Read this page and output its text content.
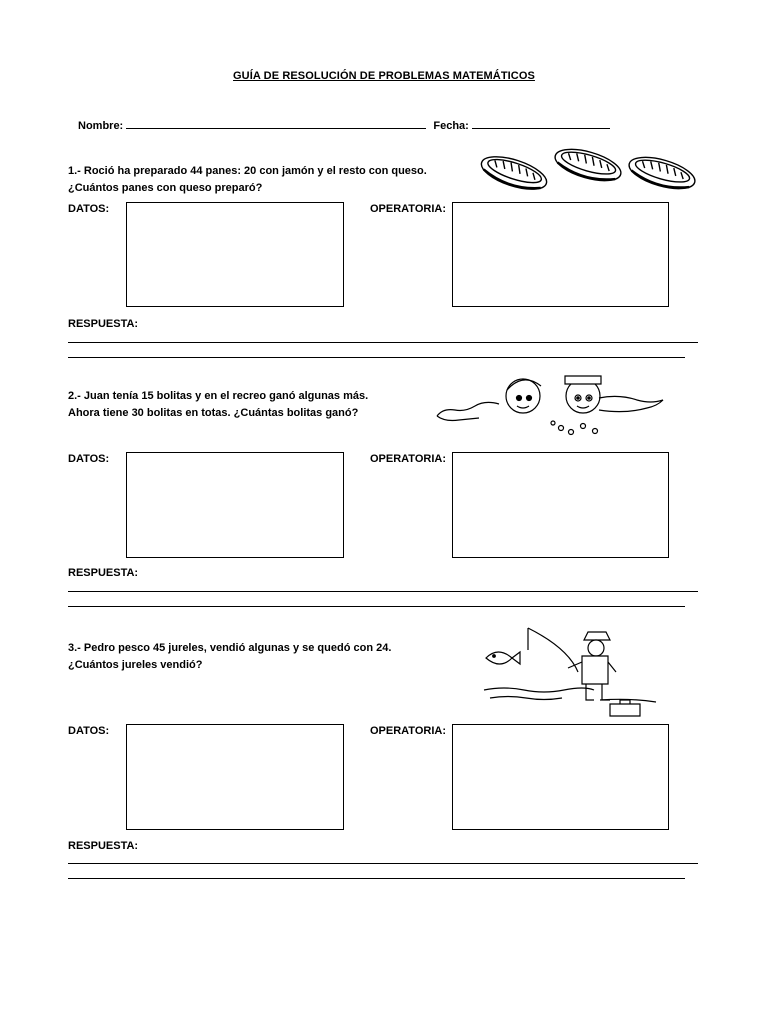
GUÍA DE RESOLUCIÓN DE PROBLEMAS MATEMÁTICOS
Nombre:	Fecha:
1.- Roció ha preparado 44 panes: 20 con jamón y el resto con queso.
¿Cuántos panes con queso preparó?
DATOS:	OPERATORIA:
RESPUESTA:
2.- Juan tenía 15 bolitas y en el recreo ganó algunas más.
Ahora tiene 30 bolitas en totas. ¿Cuántas bolitas ganó?
DATOS:	OPERATORIA:
RESPUESTA:
3.- Pedro pesco 45 jureles, vendió algunas y se quedó con 24.
¿Cuántos jureles vendió?
DATOS:	OPERATORIA:
RESPUESTA:
